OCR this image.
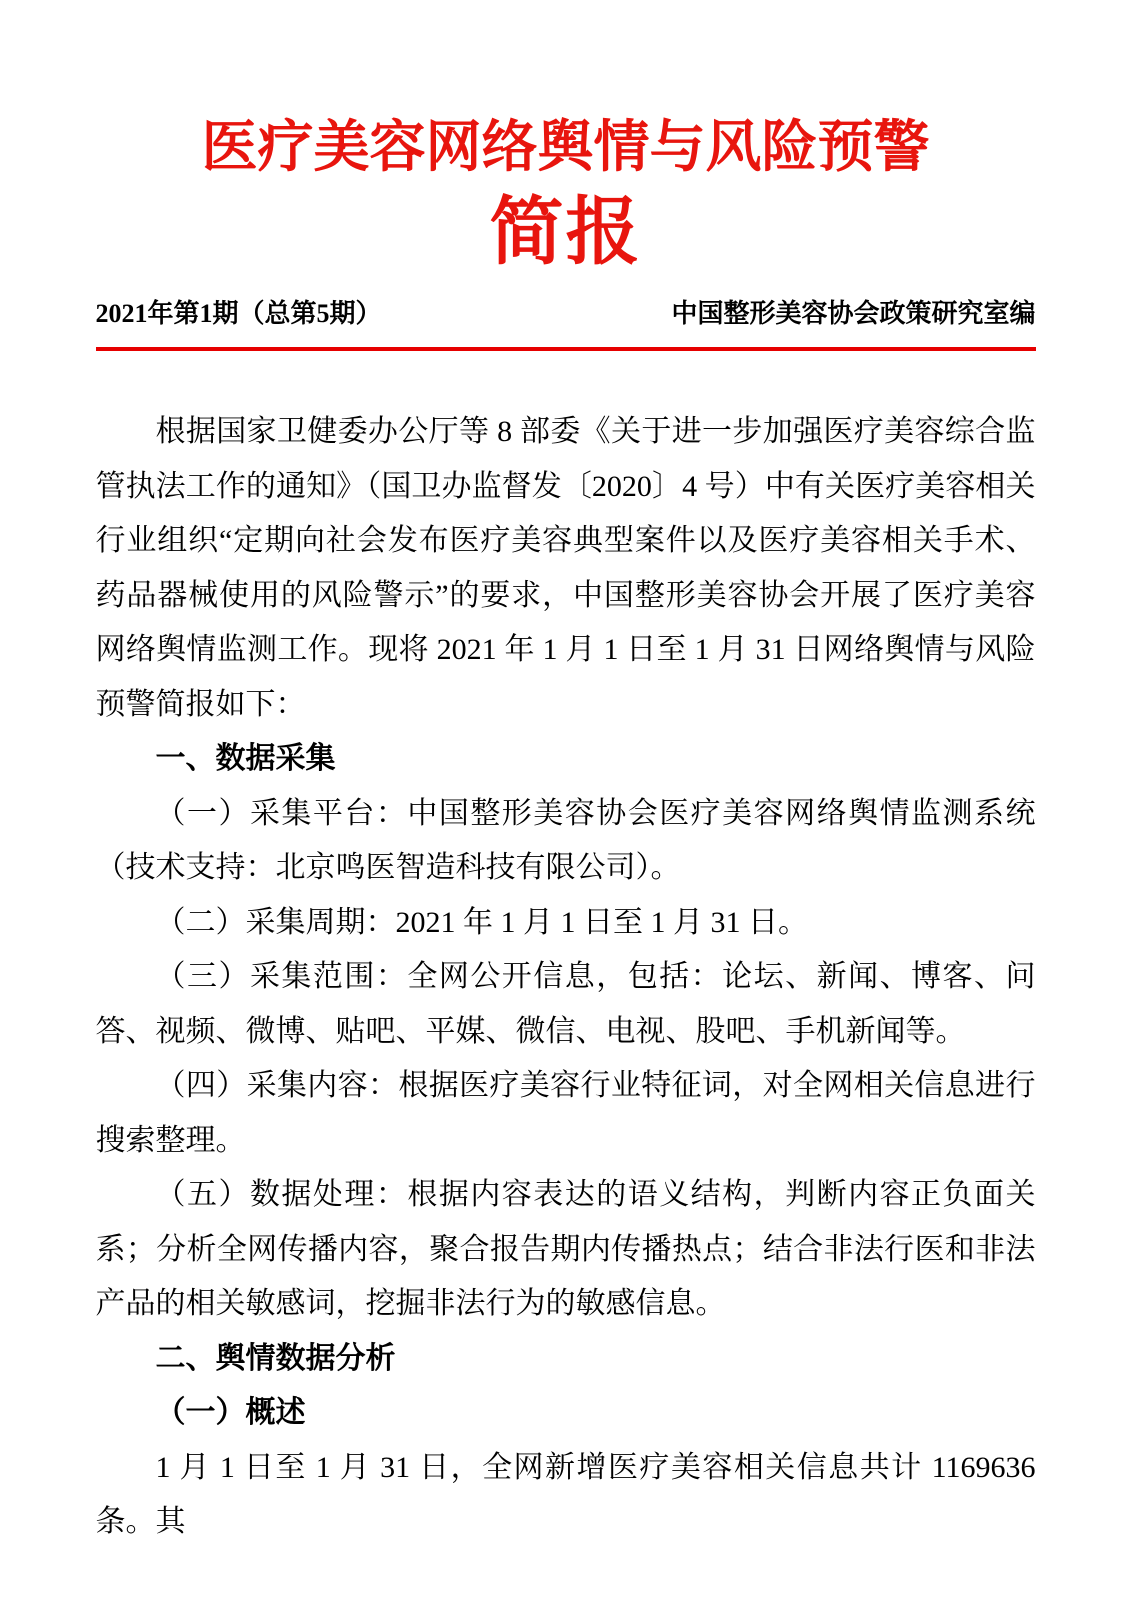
医疗美容网络舆情与风险预警
简报
2021年第1期（总第5期）	中国整形美容协会政策研究室编

根据国家卫健委办公厅等 8 部委《关于进一步加强医疗美容综合监管执法工作的通知》（国卫办监督发〔2020〕4 号）中有关医疗美容相关行业组织“定期向社会发布医疗美容典型案件以及医疗美容相关手术、药品器械使用的风险警示”的要求，中国整形美容协会开展了医疗美容网络舆情监测工作。现将 2021 年 1 月 1 日至 1 月 31 日网络舆情与风险预警简报如下：

一、数据采集

（一）采集平台：中国整形美容协会医疗美容网络舆情监测系统（技术支持：北京鸣医智造科技有限公司）。

（二）采集周期：2021 年 1 月 1 日至 1 月 31 日。

（三）采集范围：全网公开信息，包括：论坛、新闻、博客、问答、视频、微博、贴吧、平媒、微信、电视、股吧、手机新闻等。

（四）采集内容：根据医疗美容行业特征词，对全网相关信息进行搜索整理。

（五）数据处理：根据内容表达的语义结构，判断内容正负面关系；分析全网传播内容，聚合报告期内传播热点；结合非法行医和非法产品的相关敏感词，挖掘非法行为的敏感信息。

二、舆情数据分析

（一）概述

1 月 1 日至 1 月 31 日，全网新增医疗美容相关信息共计 1169636 条。其
